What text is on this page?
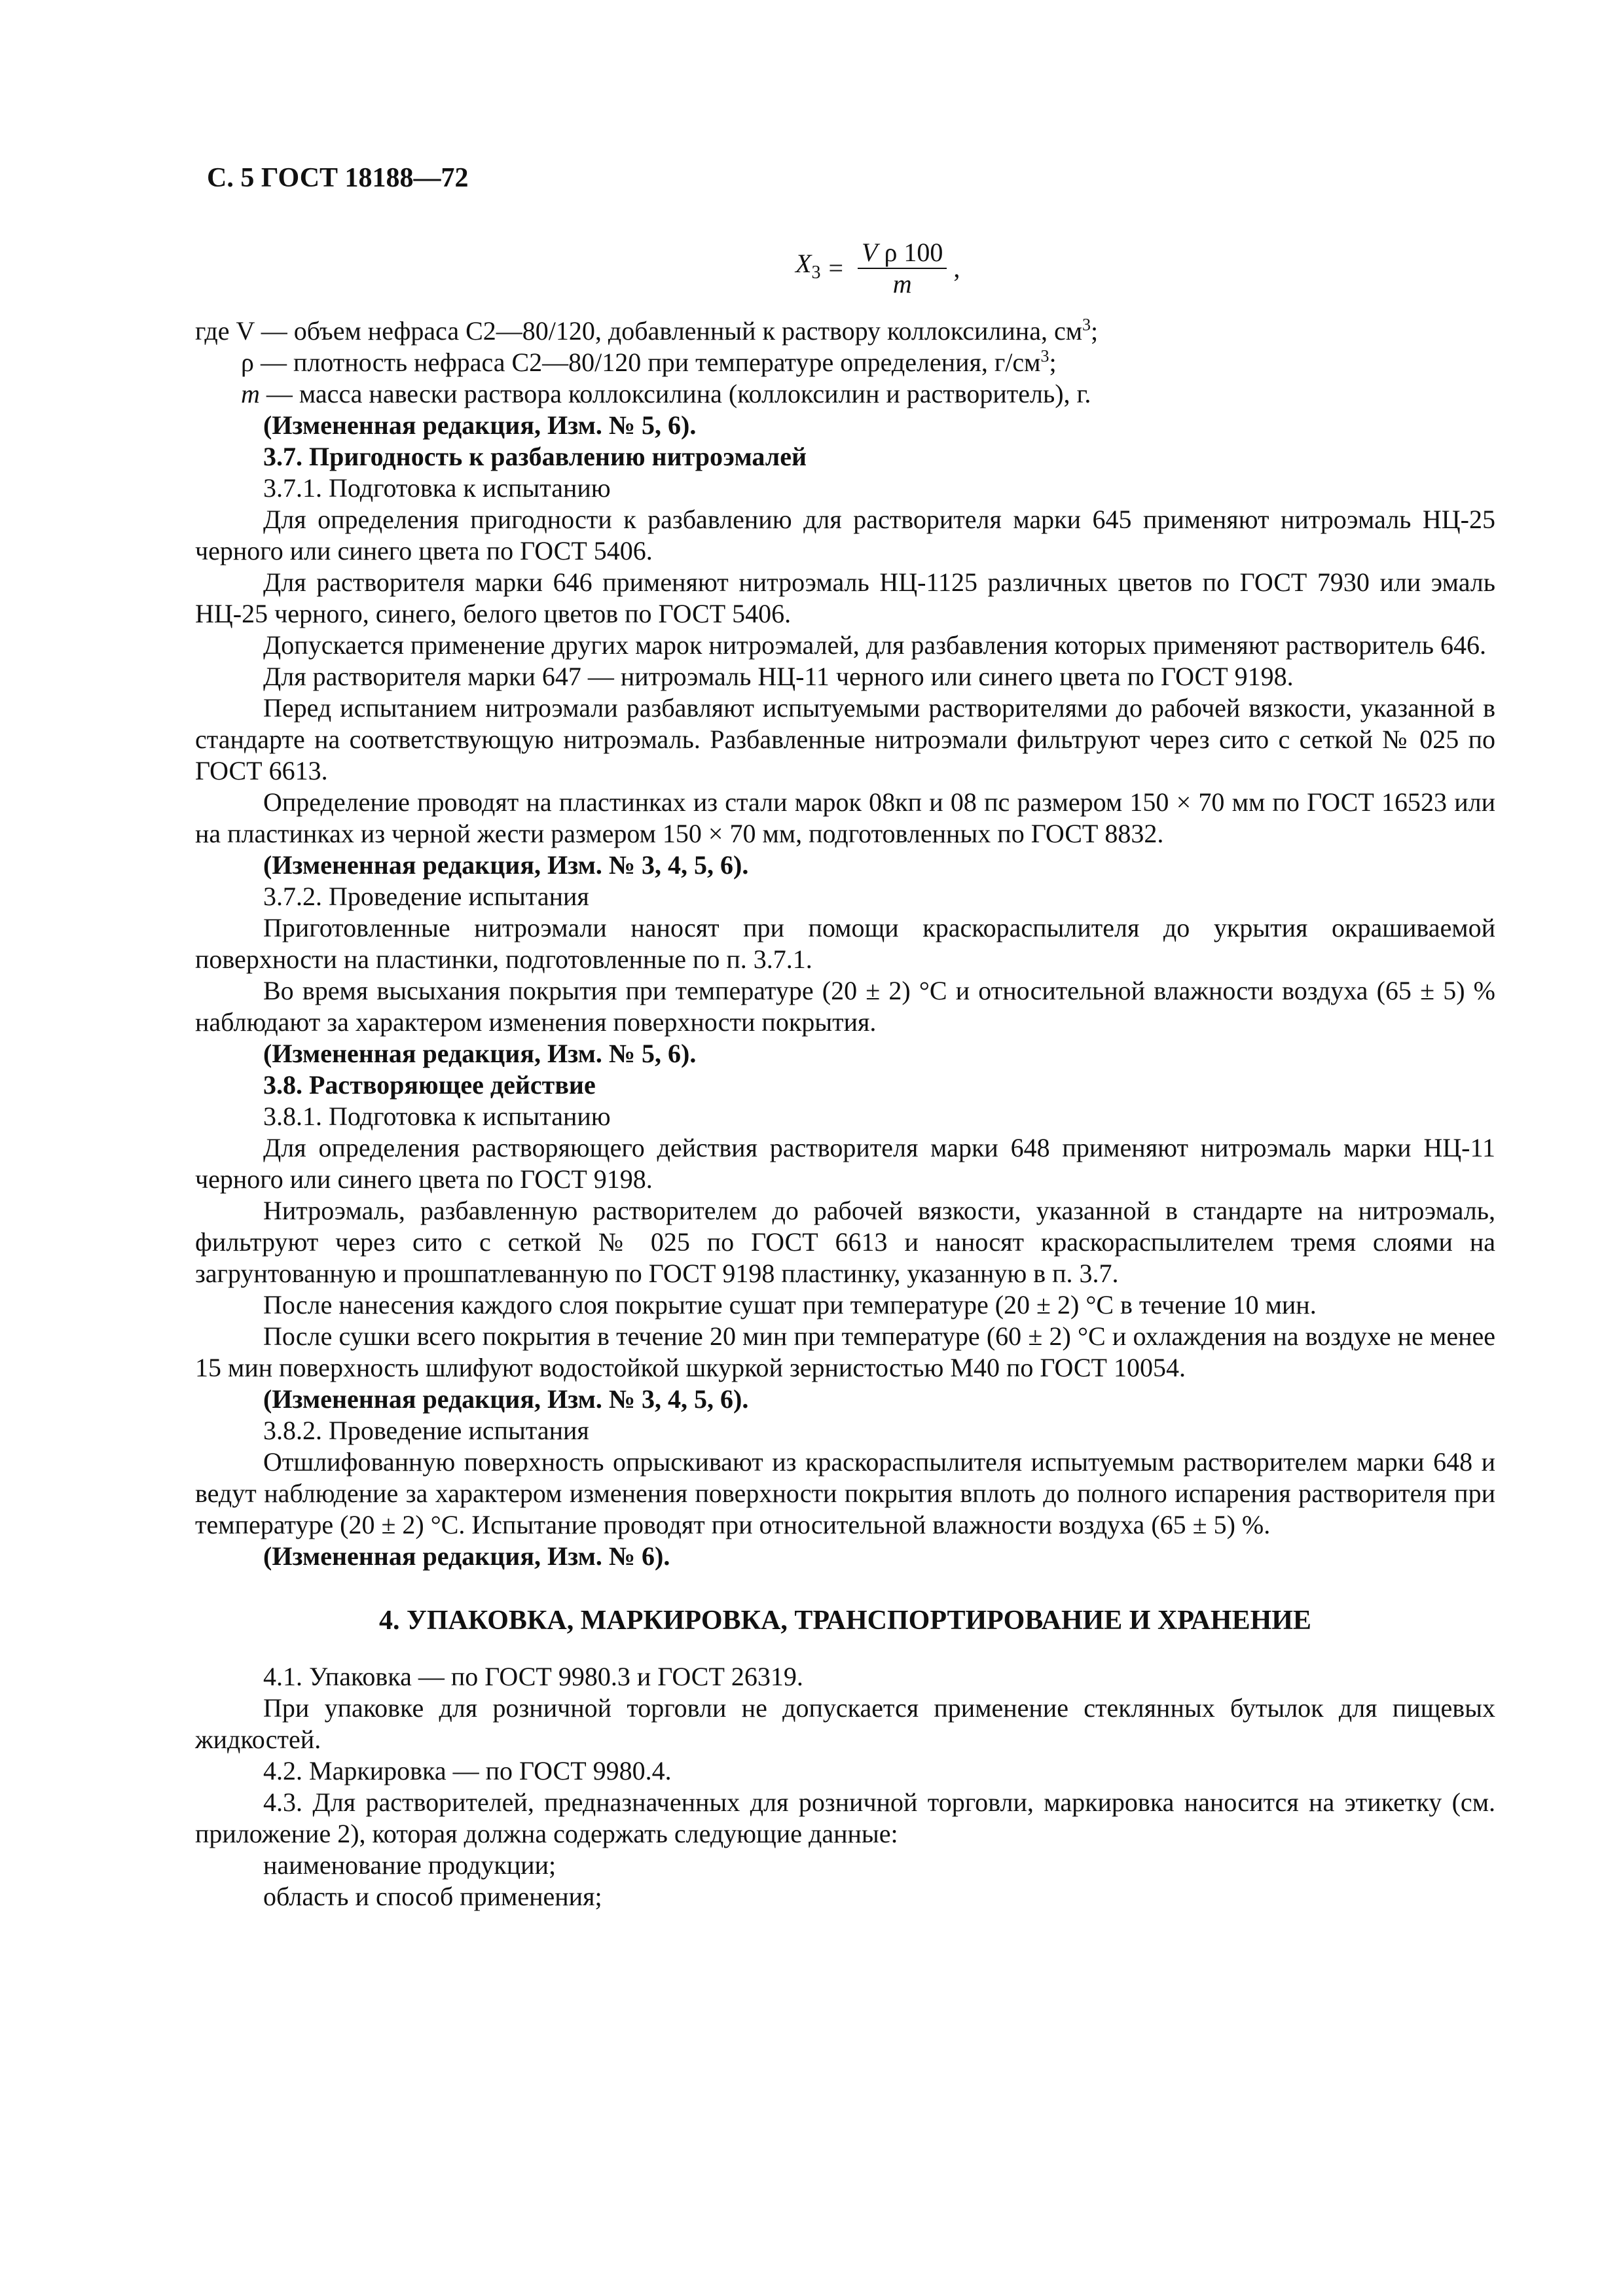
С. 5 ГОСТ 18188—72
$X_3 = \frac{\text{V ρ 100}}{m}$ ,

где V — объем нефраса С2—80/120, добавленный к раствору коллоксилина, $см^3$;

ρ — плотность нефраса С2—80/120 при температуре определения, $г/см^3$;

m — масса навески раствора коллоксилина (коллоксилин и растворитель), г.

(Измененная редакция, Изм. № 5, 6).

3.7. Пригодность к разбавлению нитроэмалей

3.7.1. Подготовка к испытанию

Для определения пригодности к разбавлению для растворителя марки 645 применяют нитроэмаль НЦ-25 черного или синего цвета по ГОСТ 5406.

Для растворителя марки 646 применяют нитроэмаль НЦ-1125 различных цветов по ГОСТ 7930 или эмаль НЦ-25 черного, синего, белого цветов по ГОСТ 5406.

Допускается применение других марок нитроэмалей, для разбавления которых применяют растворитель 646.

Для растворителя марки 647 — нитроэмаль НЦ-11 черного или синего цвета по ГОСТ 9198.

Перед испытанием нитроэмали разбавляют испытуемыми растворителями до рабочей вязкости, указанной в стандарте на соответствующую нитроэмаль. Разбавленные нитроэмали фильтруют через сито с сеткой № 025 по ГОСТ 6613.

Определение проводят на пластинках из стали марок 08кп и 08 пс размером 150 × 70 мм по ГОСТ 16523 или на пластинках из черной жести размером 150 × 70 мм, подготовленных по ГОСТ 8832.

(Измененная редакция, Изм. № 3, 4, 5, 6).

3.7.2. Проведение испытания

Приготовленные нитроэмали наносят при помощи краскораспылителя до укрытия окрашиваемой поверхности на пластинки, подготовленные по п. 3.7.1.

Во время высыхания покрытия при температуре (20 ± 2) °С и относительной влажности воздуха (65 ± 5) % наблюдают за характером изменения поверхности покрытия.

(Измененная редакция, Изм. № 5, 6).

3.8. Растворяющее действие

3.8.1. Подготовка к испытанию

Для определения растворяющего действия растворителя марки 648 применяют нитроэмаль марки НЦ-11 черного или синего цвета по ГОСТ 9198.

Нитроэмаль, разбавленную растворителем до рабочей вязкости, указанной в стандарте на нитроэмаль, фильтруют через сито с сеткой № 025 по ГОСТ 6613 и наносят краскораспылителем тремя слоями на загрунтованную и прошпатлеванную по ГОСТ 9198 пластинку, указанную в п. 3.7.

После нанесения каждого слоя покрытие сушат при температуре (20 ± 2) °С в течение 10 мин.

После сушки всего покрытия в течение 20 мин при температуре (60 ± 2) °С и охлаждения на воздухе не менее 15 мин поверхность шлифуют водостойкой шкуркой зернистостью М40 по ГОСТ 10054.

(Измененная редакция, Изм. № 3, 4, 5, 6).

3.8.2. Проведение испытания

Отшлифованную поверхность опрыскивают из краскораспылителя испытуемым растворителем марки 648 и ведут наблюдение за характером изменения поверхности покрытия вплоть до полного испарения растворителя при температуре (20 ± 2) °С. Испытание проводят при относительной влажности воздуха (65 ± 5) %.

(Измененная редакция, Изм. № 6).

4. УПАКОВКА, МАРКИРОВКА, ТРАНСПОРТИРОВАНИЕ И ХРАНЕНИЕ

4.1. Упаковка — по ГОСТ 9980.3 и ГОСТ 26319.

При упаковке для розничной торговли не допускается применение стеклянных бутылок для пищевых жидкостей.

4.2. Маркировка — по ГОСТ 9980.4.

4.3. Для растворителей, предназначенных для розничной торговли, маркировка наносится на этикетку (см. приложение 2), которая должна содержать следующие данные:

наименование продукции;

область и способ применения;
